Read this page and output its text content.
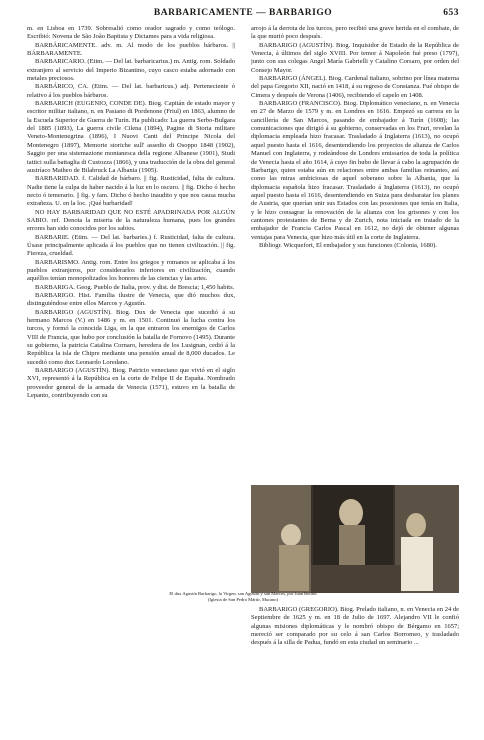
BARBARICAMENTE — BARBARIGO	653

m. en Lisboa en 1739. Sobresalió como orador sagrado y como teólogo. Escribió: Novena de São João Baptista y Dictames para a vida religiosa.

BARBÁRICAMENTE. adv. m. Al modo de los pueblos bárbaros. || BÁRBARAMENTE.

BARBARICARIO. (Etim. — Del lat. barbaricarius.) m. Antig. rom. Soldado extranjero al servicio del Imperio Bizantino, cuyo casco estaba adornado con metales preciosos.

BARBÁRICO, CA. (Etim. — Del lat. barbaricus.) adj. Perteneciente ó relativo á los pueblos bárbaros.

BARBARICH (EUGENIO, CONDE DE). Biog. Capitán de estado mayor y escritor militar italiano, n. en Pasiano di Pordenone (Friul) en 1863, alumno de la Escuela Superior de Guerra de Turín. Ha publicado: La guerra Serbo-Bulgara del 1885 (1893), La guerra civile Cilena (1894), Pagine di Storia militare Veneto-Montenegrina (1896), I Nuovi Canti del Principe Nicola del Montenegro (1897), Memorie storiche sull' assedio di Osoppo 1848 (1902), Saggio per una sistemazione montanesca della regione Albanese (1901), Studi tattici sulla battaglia di Custozza (1866), y una traducción de la obra del general austríaco Matheo de Bilabruck La Albania (1905).

BARBARIDAD. f. Calidad de bárbaro. || fig. Rusticidad, falta de cultura. Nadie tiene la culpa de haber nacido á la luz en lo oscuro. || fig. Dicho ó hecho necio ó temerario. || fig. y fam. Dicho ó hecho inaudito y que nos causa mucha extrañeza. U. en la loc. ¡Qué barbaridad!

NO HAY BARBARIDAD QUE NO ESTÉ APADRINADA POR ALGÚN SABIO. ref. Denota la miseria de la naturaleza humana, pues los grandes errores han sido conocidos por los sabios.

BARBARIE. (Etim. — Del lat. barbaries.) f. Rusticidad, falta de cultura. Úsase principalmente aplicada á los pueblos que no tienen civilización. || fig. Fiereza, crueldad.

BARBARISMO. Antig. rom. Entre los griegos y romanos se aplicaba á los pueblos extranjeros, por considerarlos inferiores en civilización, cuando aquéllos tenían monopolizados los honores de las ciencias y las artes.

BARBARIGA. Geog. Pueblo de Italia, prov. y dist. de Brescia; 1,450 habits.

BARBARIGO. Hist. Familia ilustre de Venecia, que dió muchos dux, distinguiéndose entre ellos Marcos y Agustín.

BARBARIGO (AGUSTÍN). Biog. Dux de Venecia que sucedió á su hermano Marcos (V.) en 1486 y m. en 1501. Continuó la lucha contra los turcos, y formó la conocida Liga, en la que entraron los enemigos de Carlos VIII de Francia, que hubo por conclusión la batalla de Fornovo (1495). Durante su gobierno, la patricia Catalina Cornaro, heredera de los Lusignan, cedió á la República la isla de Chipre mediante una pensión anual de 8,000 ducados. Le sucedió como dux Leonardo Loredano.

BARBARIGO (AGUSTÍN). Biog. Patricio veneciano que vivió en el siglo XVI, representó á la República en la corte de Felipe II de España. Nombrado proveedor general de la armada de Venecia (1571), estuvo en la batalla de Lepanto, contribuyendo con su

arrojo á la derrota de los turcos, pero recibió una grave herida en el combate, de la que murió poco después.

BARBARIGO (AGUSTÍN). Biog. Inquisidor de Estado de la República de Venecia, á últimos del siglo XVIII. Por temor á Napoleón fué preso (1797), junto con sus colegas Angel María Gabrielli y Catalino Corsaro, por orden del Consejo Mayor.

BARBARIGO (ÁNGEL). Biog. Cardenal italiano, sobrino por línea materna del papa Gregorio XII, nació en 1418, á su regreso de Constanza. Fué obispo de Cimera y después de Verona (1406), recibiendo el capelo en 1408.

BARBARIGO (FRANCISCO). Biog. Diplomático veneciano, n. en Venecia en 27 de Marzo de 1579 y m. en Londres en 1616. Empezó su carrera en la cancillería de San Marcos, pasando de embajador á Turín (1608); las comunicaciones que dirigió á su gobierno, conservadas en los Frari, revelan la diplomacia empleada hizo fracasar. Trasladado á Inglaterra (1613), no ocupó aquel puesto hasta el 1616, desentendiendo los proyectos de alianza de Carlos Manuel con Inglaterra, y rodeándose de Londres emissarios de toda la política de Venecia hasta el año 1614, á cuyo fin hubo de llevar á cabo la agrupación de Barbarigo, quien estaba aún en relaciones entre ambas familias reinantes, así como las miras ambiciosas de aquel soberano sobre la Albania, que la diplomacia española hizo fracasar. Trasladado á Inglaterra (1613), no ocupó aquel puesto hasta el 1616, desentendiendo en Suiza para desbaratar los planes de Austria, que querían unir sus Estados con las posesiones que tenía en Italia, y le hizo consagrar la renovación de la alianza con los grisones y con los cantones protestantes de Berna y de Zurich, nota iniciada en tratado de la embajador de Francia Carlos Pascal en 1612, no dejó de obtener algunas ventajas para Venecia, que hizo más útil en la corte de Inglaterra.

Bibliogr. Wicquefort, El embajador y sus funciones (Colonia, 1680).

El dux Agustín Barbarigo, la Virgen, san Agustín y san Marcos, por Juan Bellini
(Iglesia de San Pedro Mártir, Murano)

BARBARIGO (GREGORIO). Biog. Prelado italiano, n. en Venecia en 24 de Septiembre de 1625 y m. en 18 de Julio de 1697. Alejandro VII le confió algunas misiones diplomáticas y le nombró obispo de Bérgamo en 1657; mereció ser comparado por su celo á san Carlos Borromeo, y trasladado después á la silla de Padua, fundó en esta ciudad un seminario ...
